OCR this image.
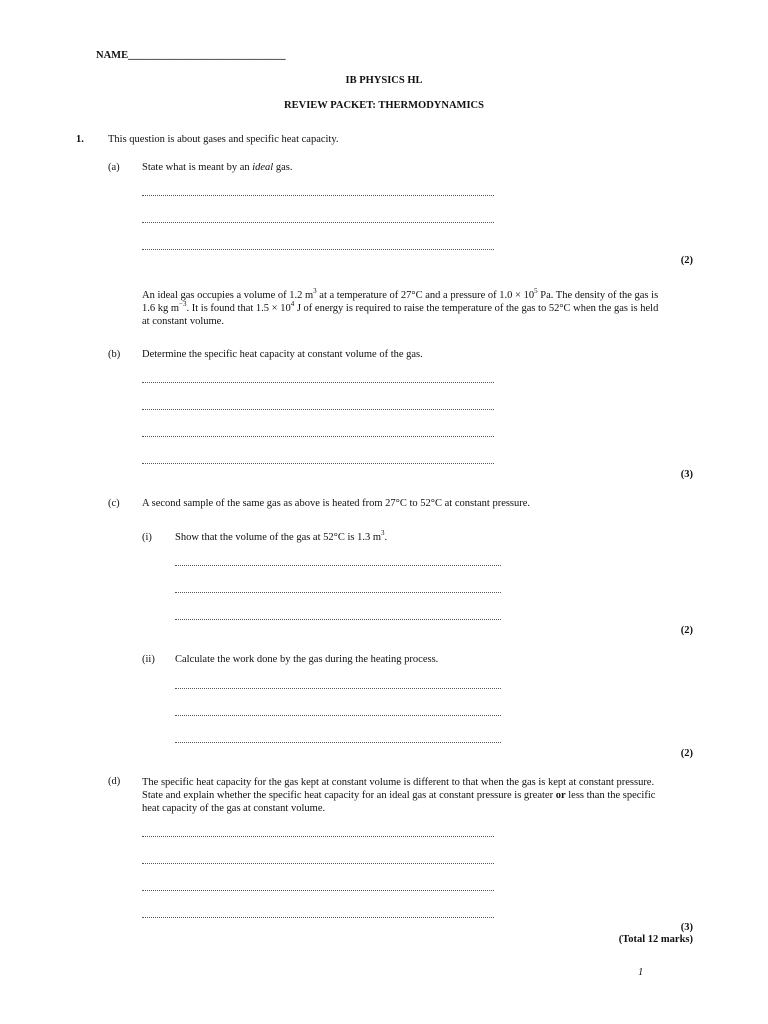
NAME______________________________
IB PHYSICS HL
REVIEW PACKET: THERMODYNAMICS
1. This question is about gases and specific heat capacity.
(a) State what is meant by an ideal gas.
(2)
An ideal gas occupies a volume of 1.2 $m^3$ at a temperature of 27°C and a pressure of $1.0 \times 10^5$ Pa. The density of the gas is 1.6 kg $m^{-3}$. It is found that $1.5 \times 10^4$ J of energy is required to raise the temperature of the gas to 52°C when the gas is held at constant volume.
(b) Determine the specific heat capacity at constant volume of the gas.
(3)
(c) A second sample of the same gas as above is heated from 27°C to 52°C at constant pressure.
(i) Show that the volume of the gas at 52°C is 1.3 $m^3$.
(2)
(ii) Calculate the work done by the gas during the heating process.
(2)
(d) The specific heat capacity for the gas kept at constant volume is different to that when the gas is kept at constant pressure. State and explain whether the specific heat capacity for an ideal gas at constant pressure is greater or less than the specific heat capacity of the gas at constant volume.
(3)
(Total 12 marks)
1
